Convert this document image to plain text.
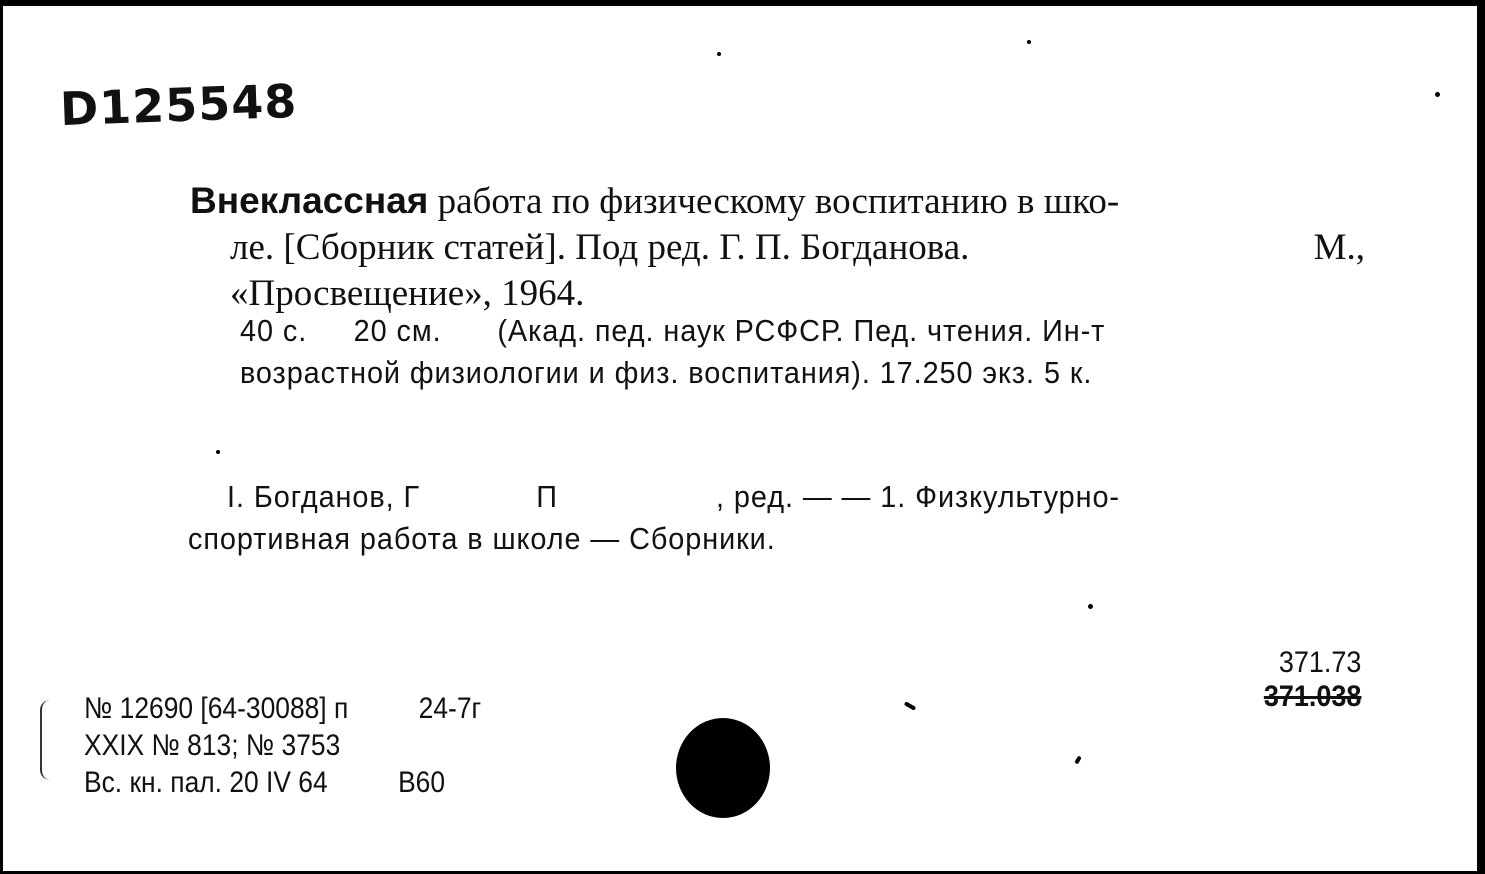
D125548
Внеклассная работа по физическому воспитанию в шко-
ле. [Сборник статей]. Под ред. Г. П. Богданова.	М.,
«Просвещение», 1964.
40 с. 20 см. (Акад. пед. наук РСФСР. Пед. чтения. Ин-т
возрастной физиологии и физ. воспитания). 17.250 экз. 5 к.
I. Богданов, Г	П	, ред. — — 1. Физкультурно-
спортивная работа в школе — Сборники.
371.73

371.038
№ 12690 [64-30088] п 24-7г
XXIX № 813; № 3753
Вс. кн. пал. 20 IV 64 В60
